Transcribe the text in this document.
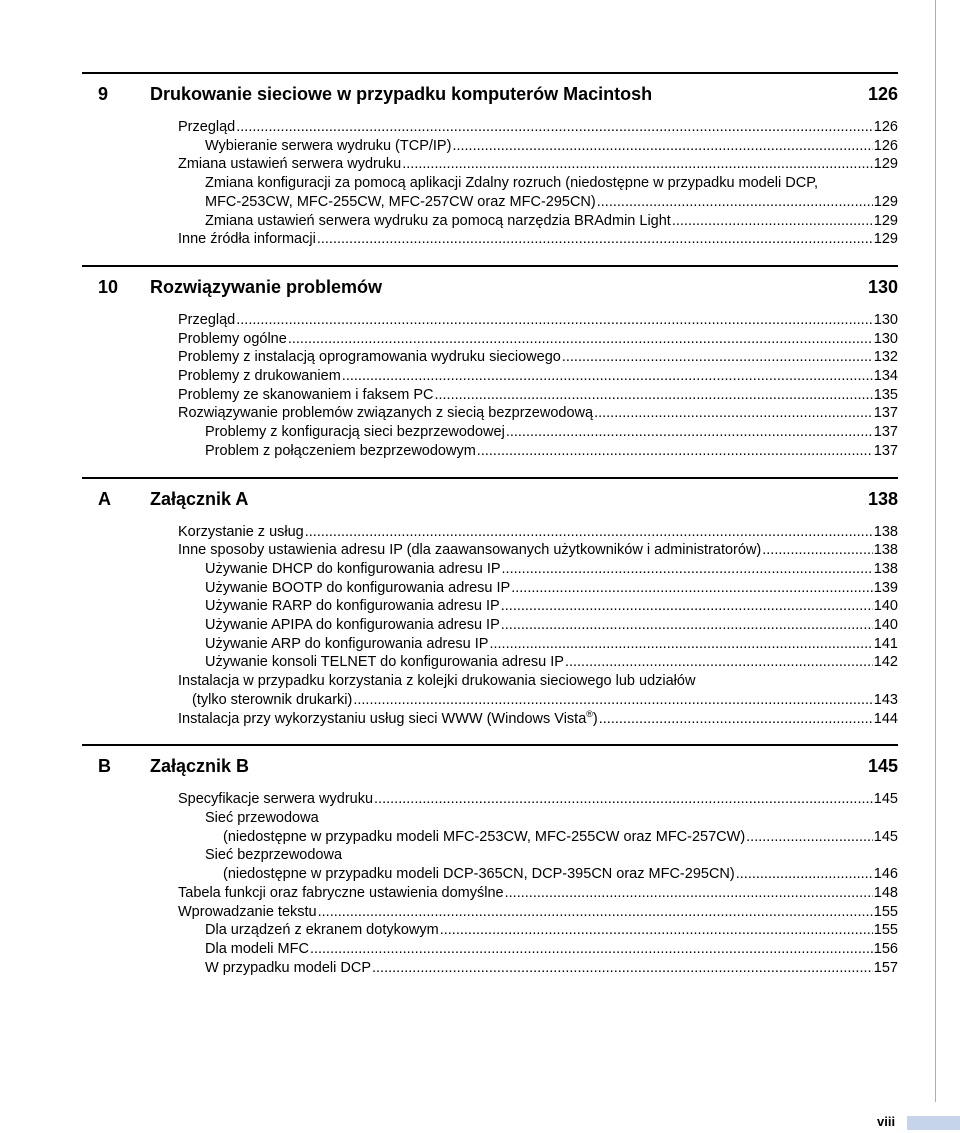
9	Drukowanie sieciowe w przypadku komputerów Macintosh	126
Przegląd .....	126
Wybieranie serwera wydruku (TCP/IP) .....	126
Zmiana ustawień serwera wydruku .....	129
Zmiana konfiguracji za pomocą aplikacji Zdalny rozruch (niedostępne w przypadku modeli DCP,
MFC-253CW, MFC-255CW, MFC-257CW oraz MFC-295CN) .....	129
Zmiana ustawień serwera wydruku za pomocą narzędzia BRAdmin Light .....	129
Inne źródła informacji .....	129
10	Rozwiązywanie problemów	130
Przegląd .....	130
Problemy ogólne .....	130
Problemy z instalacją oprogramowania wydruku sieciowego .....	132
Problemy z drukowaniem .....	134
Problemy ze skanowaniem i faksem PC .....	135
Rozwiązywanie problemów związanych z siecią bezprzewodową .....	137
Problemy z konfiguracją sieci bezprzewodowej .....	137
Problem z połączeniem bezprzewodowym .....	137
A	Załącznik A	138
Korzystanie z usług .....	138
Inne sposoby ustawienia adresu IP (dla zaawansowanych użytkowników i administratorów) .....	138
Używanie DHCP do konfigurowania adresu IP .....	138
Używanie BOOTP do konfigurowania adresu IP .....	139
Używanie RARP do konfigurowania adresu IP .....	140
Używanie APIPA do konfigurowania adresu IP .....	140
Używanie ARP do konfigurowania adresu IP .....	141
Używanie konsoli TELNET do konfigurowania adresu IP .....	142
Instalacja w przypadku korzystania z kolejki drukowania sieciowego lub udziałów
(tylko sterownik drukarki) .....	143
Instalacja przy wykorzystaniu usług sieci WWW (Windows Vista®) .....	144
B	Załącznik B	145
Specyfikacje serwera wydruku .....	145
Sieć przewodowa
(niedostępne w przypadku modeli MFC-253CW, MFC-255CW oraz MFC-257CW) .....	145
Sieć bezprzewodowa
(niedostępne w przypadku modeli DCP-365CN, DCP-395CN oraz MFC-295CN) .....	146
Tabela funkcji oraz fabryczne ustawienia domyślne .....	148
Wprowadzanie tekstu .....	155
Dla urządzeń z ekranem dotykowym .....	155
Dla modeli MFC .....	156
W przypadku modeli DCP .....	157
viii
